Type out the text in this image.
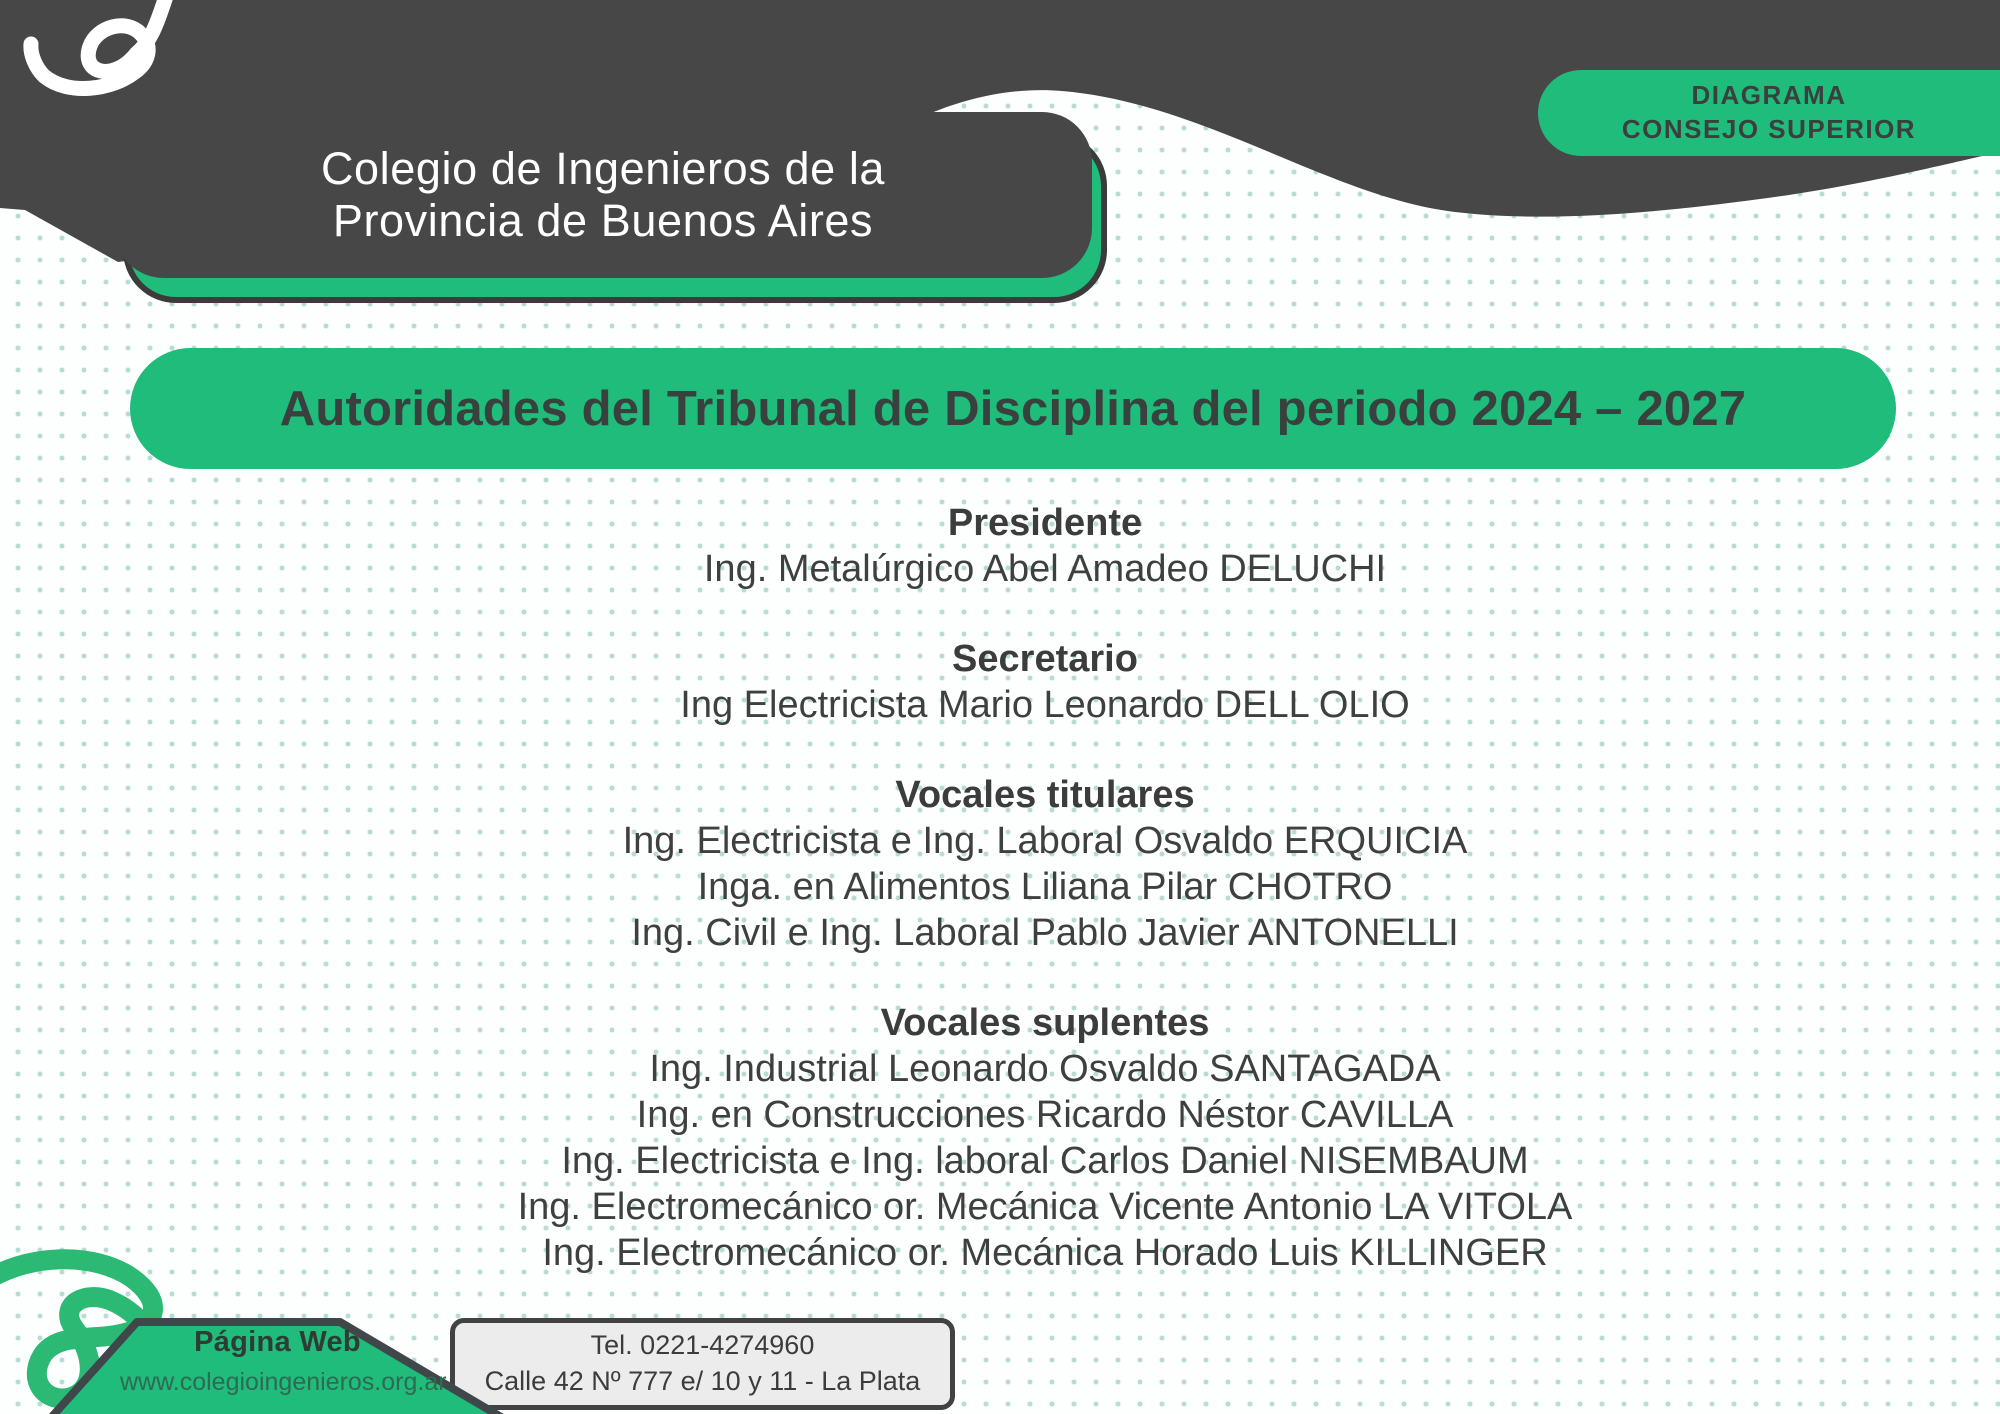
Colegio de Ingenieros de la
Provincia de Buenos Aires
DIAGRAMA
CONSEJO SUPERIOR
Autoridades del Tribunal de Disciplina del periodo 2024 – 2027
Presidente
Ing. Metalúrgico Abel Amadeo DELUCHI
Secretario
Ing Electricista Mario Leonardo DELL OLIO
Vocales titulares
Ing. Electricista e Ing. Laboral Osvaldo ERQUICIA
Inga. en Alimentos Liliana Pilar CHOTRO
Ing. Civil e Ing. Laboral Pablo Javier ANTONELLI
Vocales suplentes
Ing. Industrial Leonardo Osvaldo SANTAGADA
Ing. en Construcciones Ricardo Néstor CAVILLA
Ing. Electricista e Ing. laboral Carlos Daniel NISEMBAUM
Ing. Electromecánico or. Mecánica Vicente Antonio LA VITOLA
Ing. Electromecánico or. Mecánica Horado Luis KILLINGER
Tel. 0221-4274960
Calle 42 Nº 777 e/ 10 y 11 - La Plata
Página Web
www.colegioingenieros.org.ar
